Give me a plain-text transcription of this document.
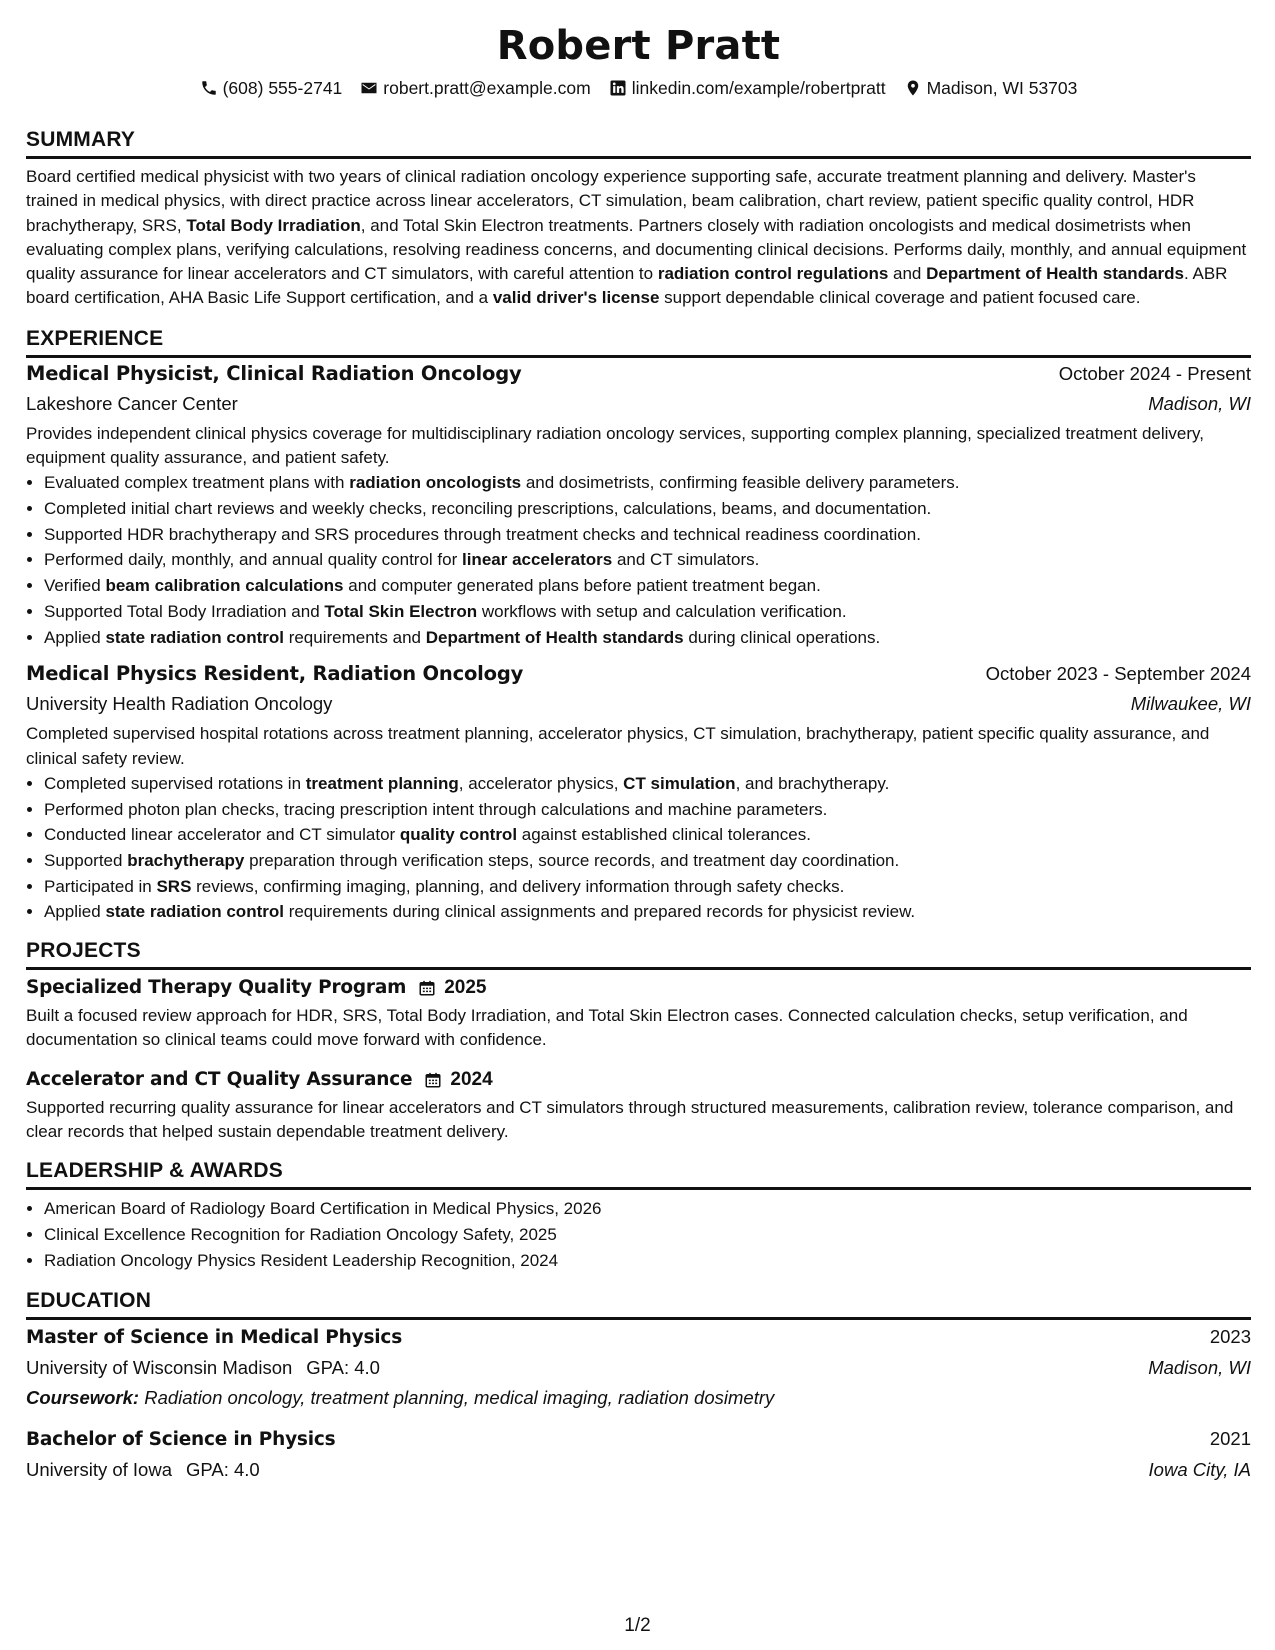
Robert Pratt
(608) 555-2741 robert.pratt@example.com linkedin.com/example/robertpratt Madison, WI 53703
SUMMARY

Board certified medical physicist with two years of clinical radiation oncology experience supporting safe, accurate treatment planning and delivery. Master's trained in medical physics, with direct practice across linear accelerators, CT simulation, beam calibration, chart review, patient specific quality control, HDR brachytherapy, SRS, Total Body Irradiation, and Total Skin Electron treatments. Partners closely with radiation oncologists and medical dosimetrists when evaluating complex plans, verifying calculations, resolving readiness concerns, and documenting clinical decisions. Performs daily, monthly, and annual equipment quality assurance for linear accelerators and CT simulators, with careful attention to radiation control regulations and Department of Health standards. ABR board certification, AHA Basic Life Support certification, and a valid driver's license support dependable clinical coverage and patient focused care.

EXPERIENCE
Medical Physicist, Clinical Radiation Oncology	October 2024 - Present
Lakeshore Cancer Center	Madison, WI

Provides independent clinical physics coverage for multidisciplinary radiation oncology services, supporting complex planning, specialized treatment delivery, equipment quality assurance, and patient safety.

• Evaluated complex treatment plans with radiation oncologists and dosimetrists, confirming feasible delivery parameters.
• Completed initial chart reviews and weekly checks, reconciling prescriptions, calculations, beams, and documentation.
• Supported HDR brachytherapy and SRS procedures through treatment checks and technical readiness coordination.
• Performed daily, monthly, and annual quality control for linear accelerators and CT simulators.
• Verified beam calibration calculations and computer generated plans before patient treatment began.
• Supported Total Body Irradiation and Total Skin Electron workflows with setup and calculation verification.
• Applied state radiation control requirements and Department of Health standards during clinical operations.
Medical Physics Resident, Radiation Oncology	October 2023 - September 2024
University Health Radiation Oncology	Milwaukee, WI

Completed supervised hospital rotations across treatment planning, accelerator physics, CT simulation, brachytherapy, patient specific quality assurance, and clinical safety review.

• Completed supervised rotations in treatment planning, accelerator physics, CT simulation, and brachytherapy.
• Performed photon plan checks, tracing prescription intent through calculations and machine parameters.
• Conducted linear accelerator and CT simulator quality control against established clinical tolerances.
• Supported brachytherapy preparation through verification steps, source records, and treatment day coordination.
• Participated in SRS reviews, confirming imaging, planning, and delivery information through safety checks.
• Applied state radiation control requirements during clinical assignments and prepared records for physicist review.
PROJECTS
Specialized Therapy Quality Program 2025

Built a focused review approach for HDR, SRS, Total Body Irradiation, and Total Skin Electron cases. Connected calculation checks, setup verification, and documentation so clinical teams could move forward with confidence.

Accelerator and CT Quality Assurance 2024

Supported recurring quality assurance for linear accelerators and CT simulators through structured measurements, calibration review, tolerance comparison, and clear records that helped sustain dependable treatment delivery.

LEADERSHIP & AWARDS
• American Board of Radiology Board Certification in Medical Physics, 2026
• Clinical Excellence Recognition for Radiation Oncology Safety, 2025
• Radiation Oncology Physics Resident Leadership Recognition, 2024
EDUCATION
Master of Science in Medical Physics	2023
University of Wisconsin Madison GPA: 4.0	Madison, WI
Coursework: Radiation oncology, treatment planning, medical imaging, radiation dosimetry
Bachelor of Science in Physics	2021
University of Iowa GPA: 4.0	Iowa City, IA
1/2
